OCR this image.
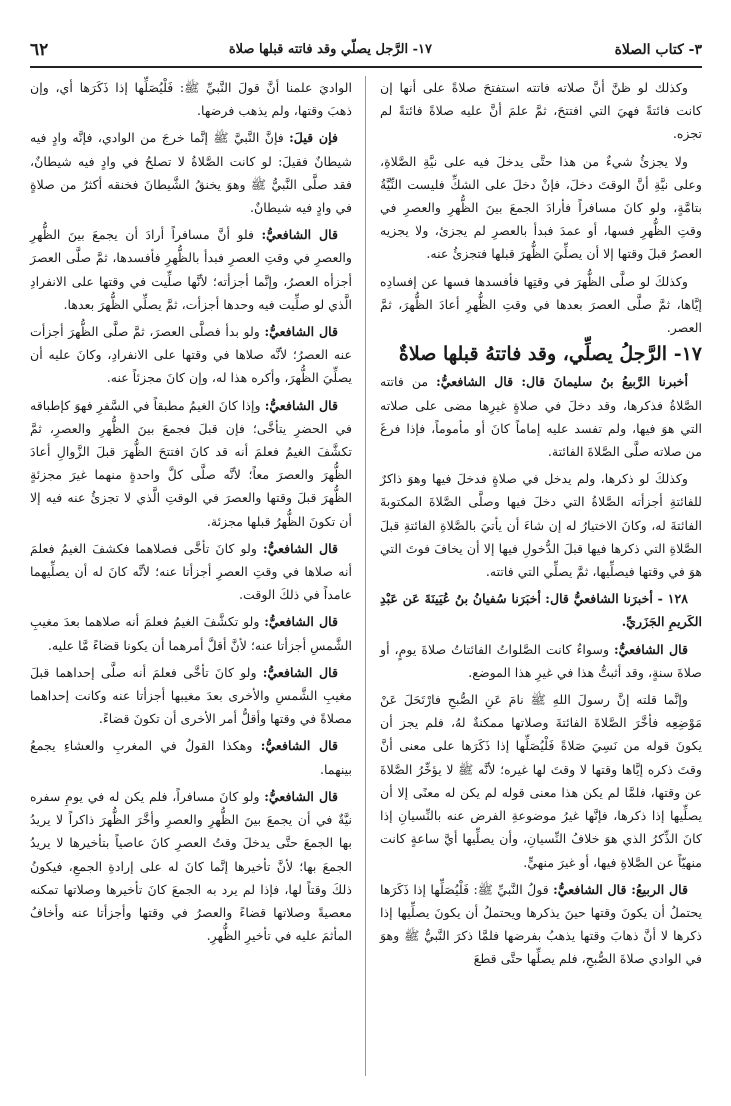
٣- كتاب الصلاة
١٧- الرَّجل يصلّي وقد فاتته قبلها صلاة
٦٢

وكذلك لو ظنَّ أنَّ صلاته فاتته استفتحَ صلاةً على أنها إن كانت فائتةً فهيَ التي افتتحَ، ثمَّ علمَ أنَّ عليه صلاةً فائتةً لم تجزه.

ولا يجزئُ شيءٌ من هذا حتَّى يدخلَ فيه على نيَّةِ الصَّلاةِ، وعلى نيَّةِ أنَّ الوقتَ دخلَ، فإنْ دخلَ على الشكِّ فليست النِّيَّةُ بتامَّةٍ، ولو كانَ مسافراً فأرادَ الجمعَ بينَ الظُّهرِ والعصرِ في وقتِ الظُّهرِ فسها، أو عمدَ فبدأ بالعصرِ لم يجزئ، ولا يجزيه العصرُ قبلَ وقتها إلا أن يصلِّيَ الظُّهرَ قبلها فتجزئُ عنه.

وكذلكَ لو صلَّى الظُّهرَ في وقتِها فأفسدها فسها عن إفسادِه إيَّاها، ثمَّ صلَّى العصرَ بعدها في وقتِ الظُّهرِ أعادَ الظُّهرَ، ثمَّ العصر.

١٧- الرَّجلُ يصلِّي، وقد فاتتهُ قبلها صلاةٌ

أخبرنا الرَّبيعُ بنُ سليمانَ قال: قال الشافعيُّ: من فاتته الصَّلاةُ فذكرها، وقد دخلَ في صلاةٍ غيرِها مضى على صلاته التي هوَ فيها، ولم تفسد عليه إماماً كانَ أو مأموماً، فإذا فرغَ من صلاته صلَّى الصَّلاةَ الفائتة.

وكذلكَ لو ذكرها، ولم يدخل في صلاةٍ فدخلَ فيها وهوَ ذاكرٌ للفائتةِ أجزأته الصَّلاةُ التي دخلَ فيها وصلَّى الصَّلاةَ المكتوبةَ الفائتةَ له، وكانَ الاختيارُ له إن شاءَ أن يأتيَ بالصَّلاةِ الفائتةِ قبلَ الصَّلاةِ التي ذكرها فيها قبلَ الدُّخولِ فيها إلا أن يخافَ فوتَ التي هوَ في وقتها فيصلِّيها، ثمَّ يصلِّي التي فاتته.

١٢٨ - أخبرَنا الشافعيُّ قال: أخبَرَنا سُفيانُ بنُ عُيَينَةَ عَن عَبْدِ الكَريمِ الجَزَريِّ.

قال الشافعيُّ: وسواءٌ كانت الصَّلواتُ الفائتاتُ صلاةَ يومٍ، أو صلاةَ سنةٍ، وقد أثبتُّ هذا في غيرِ هذا الموضع.

وإنَّما قلته إنَّ رسولَ اللهِ ﷺ نامَ عَنِ الصُّبحِ فارْتَحَلَ عَنْ مَوْضِعِه فأخَّرَ الصَّلاةَ الفائتةَ وصلاتها ممكنةٌ لهُ، فلم يجز أن يكونَ قوله من نَسِيَ صَلاةً فَلْيُصَلِّها إذا ذَكَرَها على معنى أنَّ وقتَ ذكره إيَّاها وقتها لا وقتَ لها غيره؛ لأنَّه ﷺ لا يؤخِّرُ الصَّلاةَ عن وقتها، فلمَّا لم يكن هذا معنى قوله لم يكن له معنًى إلا أن يصلِّيها إذا ذكرها، فإنَّها غيرُ موضوعةِ الفرض عنه بالنِّسيانِ إذا كانَ الذِّكرُ الذي هوَ خلافُ النِّسيانِ، وأن يصلِّيها أيَّ ساعةٍ كانت منهيّاً عن الصَّلاةِ فيها، أو غيرَ منهيٍّ.

قال الربيعُ: قال الشافعيُّ: قولُ النَّبيِّ ﷺ: فَلْيُصَلِّها إذا ذَكَرَها يحتملُ أن يكونَ وقتها حينَ يذكرها ويحتملُ أن يكونَ يصلِّيها إذا ذكرها لا أنَّ ذهابَ وقتها يذهبُ بفرضها فلمَّا ذكرَ النَّبيُّ ﷺ وهوَ في الوادي صلاةَ الصُّبحِ، فلم يصلِّها حتَّى قطعَ

الواديَ علمنا أنَّ قولَ النَّبيِّ ﷺ: فَلْيُصَلِّها إذا ذَكَرَها أي، وإن ذهبَ وقتها، ولم يذهب فرضها.

فإن قيلَ: فإنَّ النَّبيَّ ﷺ إنَّما خرجَ من الوادي، فإنَّه وادٍ فيه شيطانٌ فقيلَ: لو كانت الصَّلاةُ لا تصلحُ في وادٍ فيه شيطانٌ، فقد صلَّى النَّبيُّ ﷺ وهوَ يخنقُ الشَّيطانَ فخنقه أكثرُ من صلاةٍ في وادٍ فيه شيطانٌ.

قال الشافعيُّ: فلو أنَّ مسافراً أرادَ أن يجمعَ بينَ الظُّهرِ والعصرِ في وقتِ العصرِ فبدأ بالظُّهرِ فأفسدها، ثمَّ صلَّى العصرَ أجزأه العصرُ، وإنَّما أجزأته؛ لأنَّها صلِّيت في وقتها على الانفرادِ الَّذي لو صلِّيت فيه وحدها أجزأت، ثمَّ يصلِّي الظُّهرَ بعدها.

قال الشافعيُّ: ولو بدأ فصلَّى العصرَ، ثمَّ صلَّى الظُّهرَ أجزأت عنه العصرُ؛ لأنَّه صلاها في وقتها على الانفرادِ، وكانَ عليه أن يصلِّيَ الظُّهرَ، وأكره هذا له، وإن كانَ مجزئاً عنه.

قال الشافعيُّ: وإذا كانَ الغيمُ مطبقاً في السَّفرِ فهوَ كإطباقه في الحضرِ يتأخَّى؛ فإن قبلَ فجمعَ بينَ الظُّهرِ والعصرِ، ثمَّ تكشَّفَ الغيمُ فعلمَ أنه قد كانَ افتتحَ الظُّهرَ قبلَ الزَّوالِ أعادَ الظُّهرَ والعصرَ معاً؛ لأنَّه صلَّى كلَّ واحدةٍ منهما غيرَ مجزئةٍ الظُّهرَ قبلَ وقتها والعصرَ في الوقتِ الَّذي لا تجزئُ عنه فيه إلا أن تكونَ الظُّهرُ قبلها مجزئة.

قال الشافعيُّ: ولو كانَ تأخَّى فصلاهما فكشفَ الغيمُ فعلمَ أنه صلاها في وقتِ العصرِ أجزأتا عنه؛ لأنَّه كانَ له أن يصلِّيهما عامداً في ذلكَ الوقت.

قال الشافعيُّ: ولو تكشَّفَ الغيمُ فعلمَ أنه صلاهما بعدَ مغيبِ الشَّمسِ أجزأتا عنه؛ لأنَّ أقلَّ أمرهما أن يكونا قضاءً مَّا عليه.

قال الشافعيُّ: ولو كانَ تأخَّى فعلمَ أنه صلَّى إحداهما قبلَ مغيبِ الشَّمسِ والأخرى بعدَ مغيبها أجزأتا عنه وكانت إحداهما مصلاةً في وقتها وأقلُّ أمر الأخرى أن تكونَ قضاءً.

قال الشافعيُّ: وهكذا القولُ في المغربِ والعشاءِ يجمعُ بينهما.

قال الشافعيُّ: ولو كانَ مسافراً، فلم يكن له في يومِ سفره نيَّةٌ في أن يجمعَ بينَ الظُّهرِ والعصرِ وأخَّرَ الظُّهرَ ذاكراً لا يريدُ بها الجمعَ حتَّى يدخلَ وقتُ العصرِ كانَ عاصياً بتأخيرها لا يريدُ الجمعَ بها؛ لأنَّ تأخيرها إنَّما كانَ له على إرادةِ الجمعِ، فيكونُ ذلكَ وقتاً لها، فإذا لم يرد به الجمعَ كانَ تأخيرها وصلاتها تمكنه معصيةً وصلاتها قضاءً والعصرُ في وقتها وأجزأتا عنه وأخافُ المأثمَ عليه في تأخيرِ الظُّهرِ.
